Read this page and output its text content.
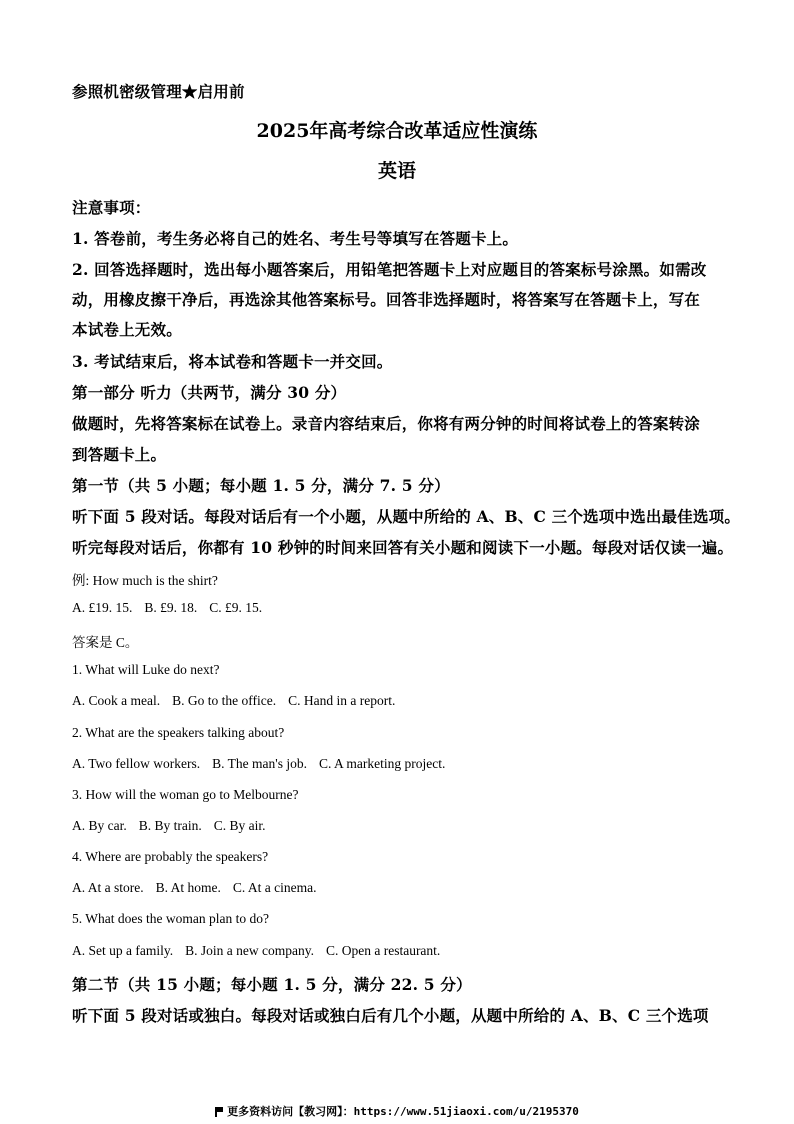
参照机密级管理★启用前
2025年高考综合改革适应性演练
英语
注意事项：
1. 答卷前，考生务必将自己的姓名、考生号等填写在答题卡上。
2. 回答选择题时，选出每小题答案后，用铅笔把答题卡上对应题目的答案标号涂黑。如需改
动，用橡皮擦干净后，再选涂其他答案标号。回答非选择题时，将答案写在答题卡上，写在
本试卷上无效。
3. 考试结束后，将本试卷和答题卡一并交回。
第一部分 听力（共两节，满分 30 分）
做题时，先将答案标在试卷上。录音内容结束后，你将有两分钟的时间将试卷上的答案转涂
到答题卡上。
第一节（共 5 小题；每小题 1. 5 分，满分 7. 5 分）
听下面 5 段对话。每段对话后有一个小题，从题中所给的 A、B、C 三个选项中选出最佳选项。
听完每段对话后，你都有 10 秒钟的时间来回答有关小题和阅读下一小题。每段对话仅读一遍。
例: How much is the shirt?
A. £19. 15. B. £9. 18. C. £9. 15.
答案是 C。
1. What will Luke do next?
A. Cook a meal. B. Go to the office. C. Hand in a report.
2. What are the speakers talking about?
A. Two fellow workers. B. The man's job. C. A marketing project.
3. How will the woman go to Melbourne?
A. By car. B. By train. C. By air.
4. Where are probably the speakers?
A. At a store. B. At home. C. At a cinema.
5. What does the woman plan to do?
A. Set up a family. B. Join a new company. C. Open a restaurant.
第二节（共 15 小题；每小题 1. 5 分，满分 22. 5 分）
听下面 5 段对话或独白。每段对话或独白后有几个小题，从题中所给的 A、B、C 三个选项
更多资料访问【教习网】：https://www.51jiaoxi.com/u/2195370
